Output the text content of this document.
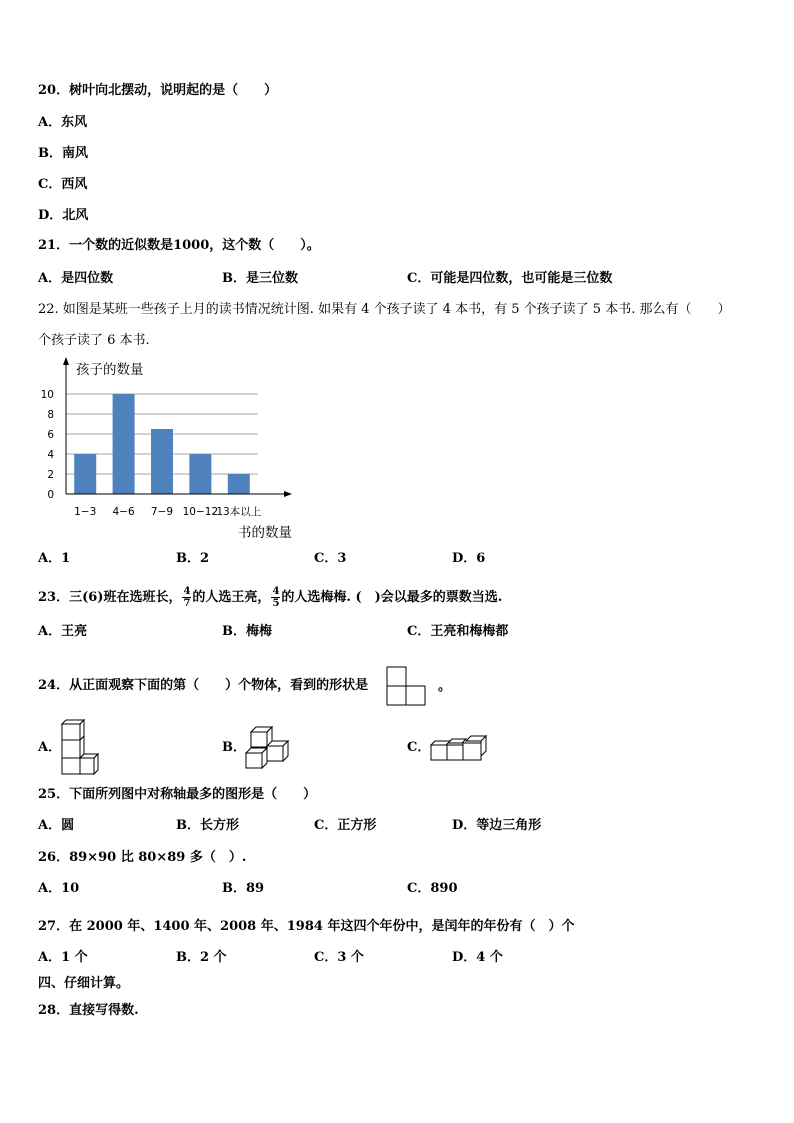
20．树叶向北摆动，说明起的是（　　）
A．东风
B．南风
C．西风
D．北风
21．一个数的近似数是1000，这个数（　　）。
A．是四位数	B．是三位数	C．可能是四位数，也可能是三位数
22. 如图是某班一些孩子上月的读书情况统计图. 如果有 4 个孩子读了 4 本书，有 5 个孩子读了 5 本书. 那么有（　　）
个孩子读了 6 本书.
0
2
4
6
8
10
1−3 4−6 7−9 10−12
13本以上
孩子的数量
书的数量
A．1	B．2	C．3	D．6
23．三(6)班在选班长， $\frac{4}{7}$ 的人选王亮， $\frac{4}{5}$ 的人选梅梅. (　)会以最多的票数当选.
A．王亮	B．梅梅	C．王亮和梅梅都
24．从正面观察下面的第（　　）个物体，看到的形状是	。
A．	B．	C．
25．下面所列图中对称轴最多的图形是（　　）
A．圆	B．长方形	C．正方形	D．等边三角形
26．89×90 比 80×89 多（　）.
A．10	B．89	C．890
27．在 2000 年、1400 年、2008 年、1984 年这四个年份中，是闰年的年份有（　）个
A．1 个	B．2 个	C．3 个	D．4 个
四、仔细计算。
28．直接写得数.
